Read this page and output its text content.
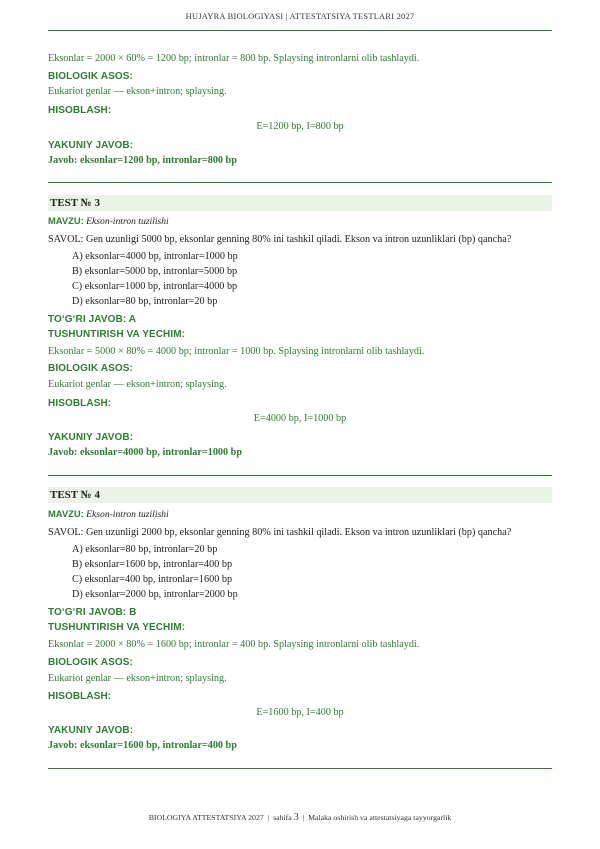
HUJAYRA BIOLOGIYASI | ATTESTATSIYA TESTLARI 2027
Eksonlar = 2000 × 60% = 1200 bp; intronlar = 800 bp. Splaysing intronlarni olib tashlaydi.
BIOLOGIK ASOS:
Eukariot genlar — ekson+intron; splaysing.
HISOBLASH:
E=1200 bp, I=800 bp
YAKUNIY JAVOB:
Javob: eksonlar=1200 bp, intronlar=800 bp
TEST № 3
MAVZU: Ekson-intron tuzilishi
SAVOL: Gen uzunligi 5000 bp, eksonlar genning 80% ini tashkil qiladi. Ekson va intron uzunliklari (bp) qancha?
A) eksonlar=4000 bp, intronlar=1000 bp
B) eksonlar=5000 bp, intronlar=5000 bp
C) eksonlar=1000 bp, intronlar=4000 bp
D) eksonlar=80 bp, intronlar=20 bp
TO‘G‘RI JAVOB: A
TUSHUNTIRISH VA YECHIM:
Eksonlar = 5000 × 80% = 4000 bp; intronlar = 1000 bp. Splaysing intronlarni olib tashlaydi.
BIOLOGIK ASOS:
Eukariot genlar — ekson+intron; splaysing.
HISOBLASH:
E=4000 bp, I=1000 bp
YAKUNIY JAVOB:
Javob: eksonlar=4000 bp, intronlar=1000 bp
TEST № 4
MAVZU: Ekson-intron tuzilishi
SAVOL: Gen uzunligi 2000 bp, eksonlar genning 80% ini tashkil qiladi. Ekson va intron uzunliklari (bp) qancha?
A) eksonlar=80 bp, intronlar=20 bp
B) eksonlar=1600 bp, intronlar=400 bp
C) eksonlar=400 bp, intronlar=1600 bp
D) eksonlar=2000 bp, intronlar=2000 bp
TO‘G‘RI JAVOB: B
TUSHUNTIRISH VA YECHIM:
Eksonlar = 2000 × 80% = 1600 bp; intronlar = 400 bp. Splaysing intronlarni olib tashlaydi.
BIOLOGIK ASOS:
Eukariot genlar — ekson+intron; splaysing.
HISOBLASH:
E=1600 bp, I=400 bp
YAKUNIY JAVOB:
Javob: eksonlar=1600 bp, intronlar=400 bp
BIOLOGIYA ATTESTATSIYA 2027 | sahifa 3 | Malaka oshirish va attestatsiyaga tayyorgarlik
